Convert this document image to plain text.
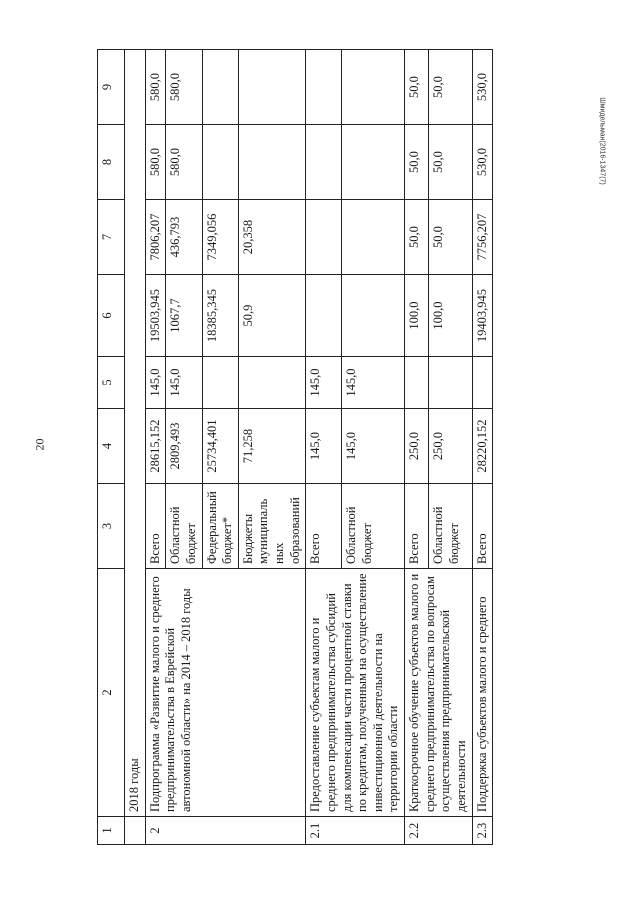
20
Шмидельман(2016-1347(7)
1	2	3	4	5	6	7	8	9
	2018 годы							
2	Подпрограмма «Развитие малого и среднего предпринимательства в Еврейской автономной области» на 2014 – 2018 годы	Всего	28615,152	145,0	19503,945	7806,207	580,0	580,0
		Областной бюджет	2809,493	145,0	1067,7	436,793	580,0	580,0
		Федеральный бюджет*	25734,401		18385,345	7349,056		
		Бюджеты муниципаль ных образований	71,258		50,9	20,358		
2.1	Предоставление субъектам малого и среднего предпринимательства субсидий для компенсации части процентной ставки по кредитам, полученным на осуществление инвестиционной деятельности на территории области	Всего	145,0	145,0				
		Областной бюджет	145,0	145,0				
2.2	Краткосрочное обучение субъектов малого и среднего предпринимательства по вопросам осуществления предпринимательской деятельности	Всего	250,0		100,0	50,0	50,0	50,0
		Областной бюджет	250,0		100,0	50,0	50,0	50,0
2.3	Поддержка субъектов малого и среднего	Всего	28220,152		19403,945	7756,207	530,0	530,0
